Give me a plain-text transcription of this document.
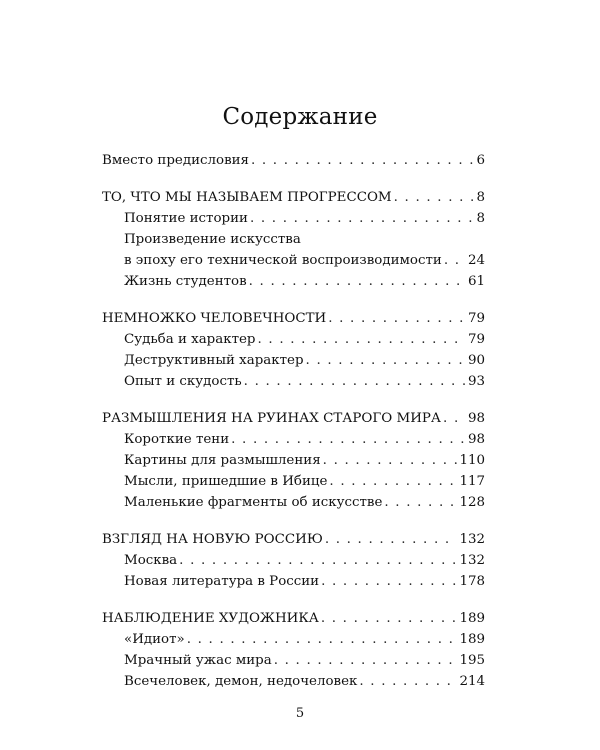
Содержание
Вместо предисловия . . .	6
ТО, ЧТО МЫ НАЗЫВАЕМ ПРОГРЕССОМ . . .	8
Понятие истории . . .	8
Произведение искусства
в эпоху его технической воспроизводимости . . . 24
Жизнь студентов . . .	61
НЕМНОЖКО ЧЕЛОВЕЧНОСТИ . . .	79
Судьба и характер . . .	79
Деструктивный характер . . .	90
Опыт и скудость . . .	93
РАЗМЫШЛЕНИЯ НА РУИНАХ СТАРОГО МИРА . . . 98
Короткие тени . . .	98
Картины для размышления . . .	110
Мысли, пришедшие в Ибице . . .	117
Маленькие фрагменты об искусстве . . .	128
ВЗГЛЯД НА НОВУЮ РОССИЮ . . .	132
Москва . . .	132
Новая литература в России . . .	178
НАБЛЮДЕНИЕ ХУДОЖНИКА . . .	189
«Идиот» . . .	189
Мрачный ужас мира . . .	195
Всечеловек, демон, недочеловек . . .	214
5
